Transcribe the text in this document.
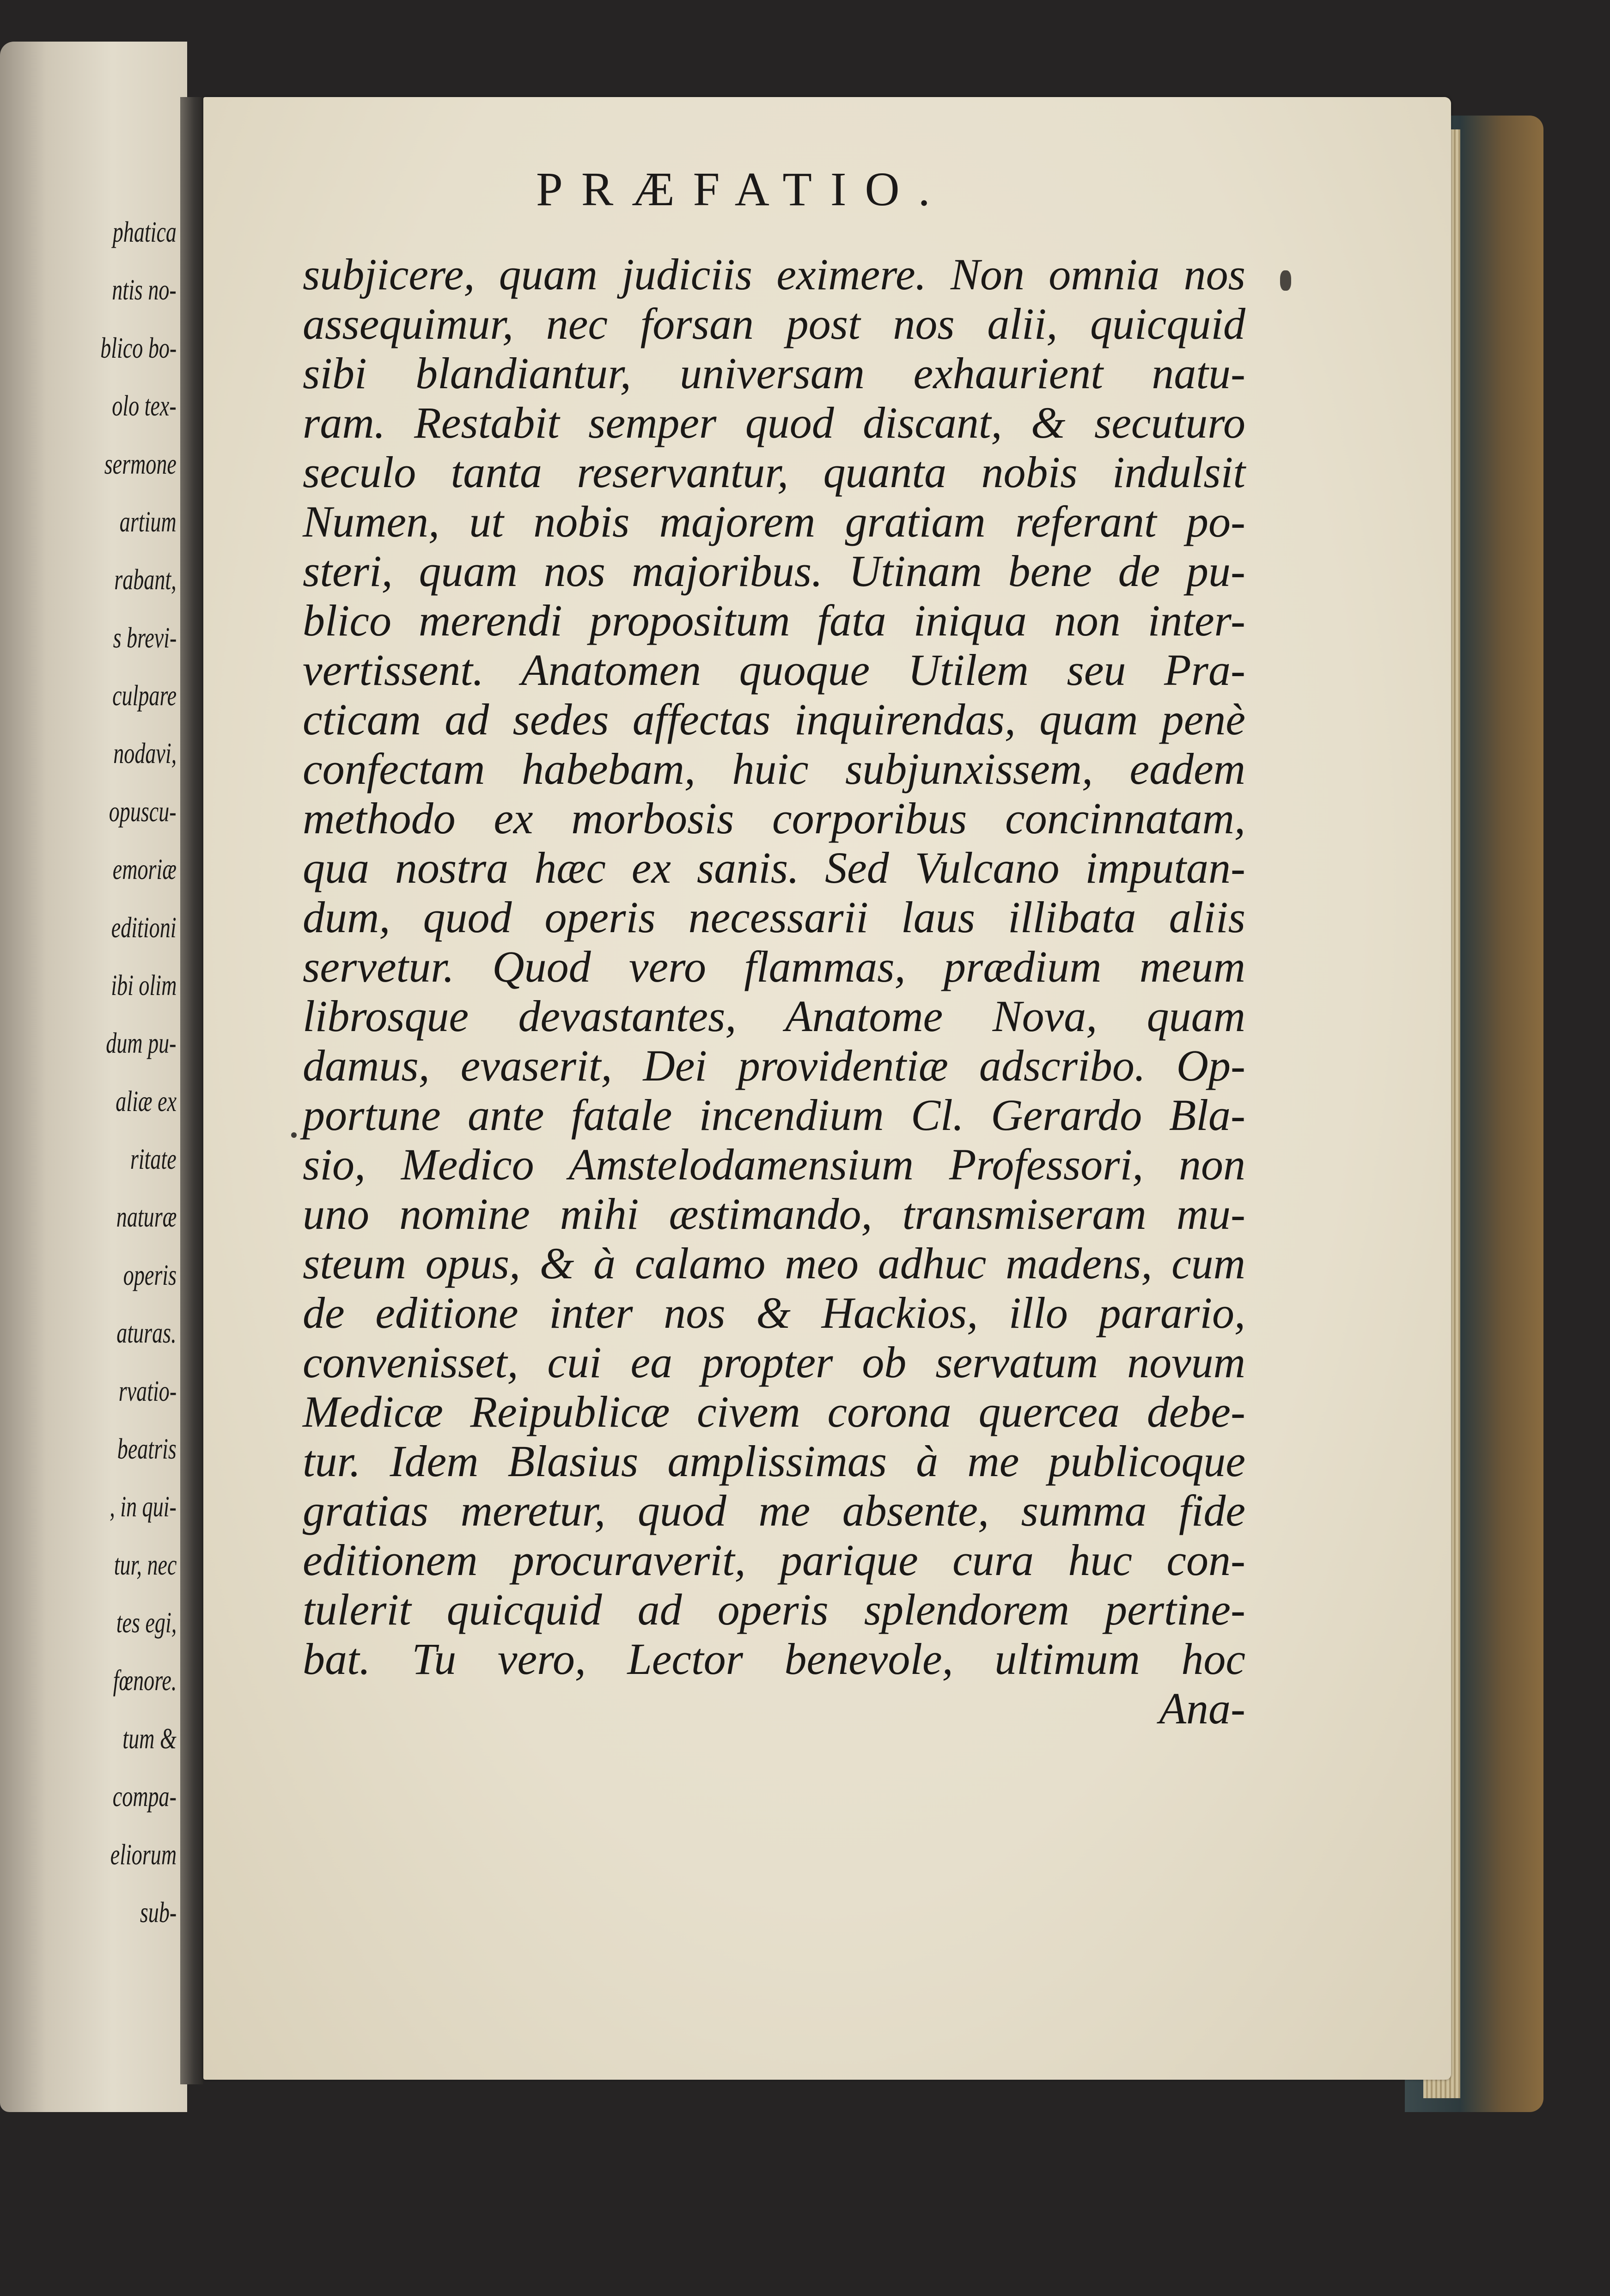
phatica
ntis no-
blico bo-
olo tex-
sermone
artium
rabant,
s brevi-
culpare
nodavi,
opuscu-
emoriæ
editioni
ibi olim
dum pu-
aliæ ex
ritate
naturæ
operis
aturas.
rvatio-
beatris
, in qui-
tur, nec
tes egi,
fœnore.
tum &
compa-
eliorum
sub-
PRÆFATIO.
subjicere, quam judiciis eximere. Non omnia nos
assequimur, nec forsan post nos alii, quicquid
sibi blandiantur, universam exhaurient natu-
ram. Restabit semper quod discant, & secuturo
seculo tanta reservantur, quanta nobis indulsit
Numen, ut nobis majorem gratiam referant po-
steri, quam nos majoribus. Utinam bene de pu-
blico merendi propositum fata iniqua non inter-
vertissent. Anatomen quoque Utilem seu Pra-
cticam ad sedes affectas inquirendas, quam penè
confectam habebam, huic subjunxissem, eadem
methodo ex morbosis corporibus concinnatam,
qua nostra hæc ex sanis. Sed Vulcano imputan-
dum, quod operis necessarii laus illibata aliis
servetur. Quod vero flammas, prædium meum
librosque devastantes, Anatome Nova, quam
damus, evaserit, Dei providentiæ adscribo. Op-
portune ante fatale incendium Cl. Gerardo Bla-
sio, Medico Amstelodamensium Professori, non
uno nomine mihi æstimando, transmiseram mu-
steum opus, & à calamo meo adhuc madens, cum
de editione inter nos & Hackios, illo parario,
convenisset, cui ea propter ob servatum novum
Medicæ Reipublicæ civem corona quercea debe-
tur. Idem Blasius amplissimas à me publicoque
gratias meretur, quod me absente, summa fide
editionem procuraverit, parique cura huc con-
tulerit quicquid ad operis splendorem pertine-
bat. Tu vero, Lector benevole, ultimum hoc
Ana-
